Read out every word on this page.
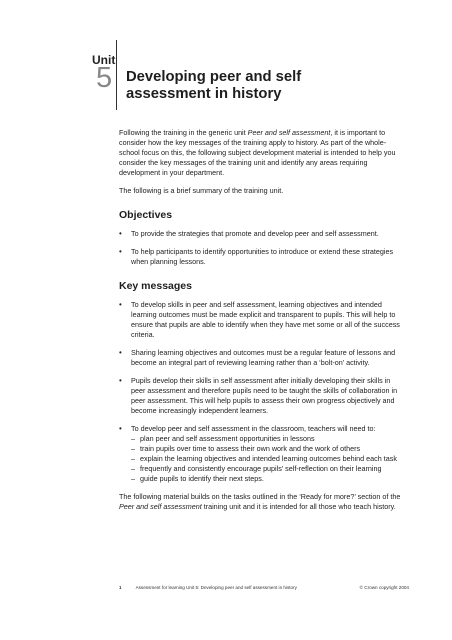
Unit
5 Developing peer and self assessment in history

Following the training in the generic unit Peer and self assessment, it is important to consider how the key messages of the training apply to history. As part of the whole-school focus on this, the following subject development material is intended to help you consider the key messages of the training unit and identify any areas requiring development in your department.

The following is a brief summary of the training unit.

Objectives
• To provide the strategies that promote and develop peer and self assessment.
• To help participants to identify opportunities to introduce or extend these strategies when planning lessons.
Key messages
• To develop skills in peer and self assessment, learning objectives and intended learning outcomes must be made explicit and transparent to pupils. This will help to ensure that pupils are able to identify when they have met some or all of the success criteria.
• Sharing learning objectives and outcomes must be a regular feature of lessons and become an integral part of reviewing learning rather than a ‘bolt-on’ activity.
• Pupils develop their skills in self assessment after initially developing their skills in peer assessment and therefore pupils need to be taught the skills of collaboration in peer assessment. This will help pupils to assess their own progress objectively and become increasingly independent learners.
• To develop peer and self assessment in the classroom, teachers will need to:
– plan peer and self assessment opportunities in lessons
– train pupils over time to assess their own work and the work of others
– explain the learning objectives and intended learning outcomes behind each task
– frequently and consistently encourage pupils’ self-reflection on their learning
– guide pupils to identify their next steps.

The following material builds on the tasks outlined in the ‘Ready for more?’ section of the Peer and self assessment training unit and it is intended for all those who teach history.

1	Assessment for learning Unit 5: Developing peer and self assessment in history	© Crown copyright 2004
